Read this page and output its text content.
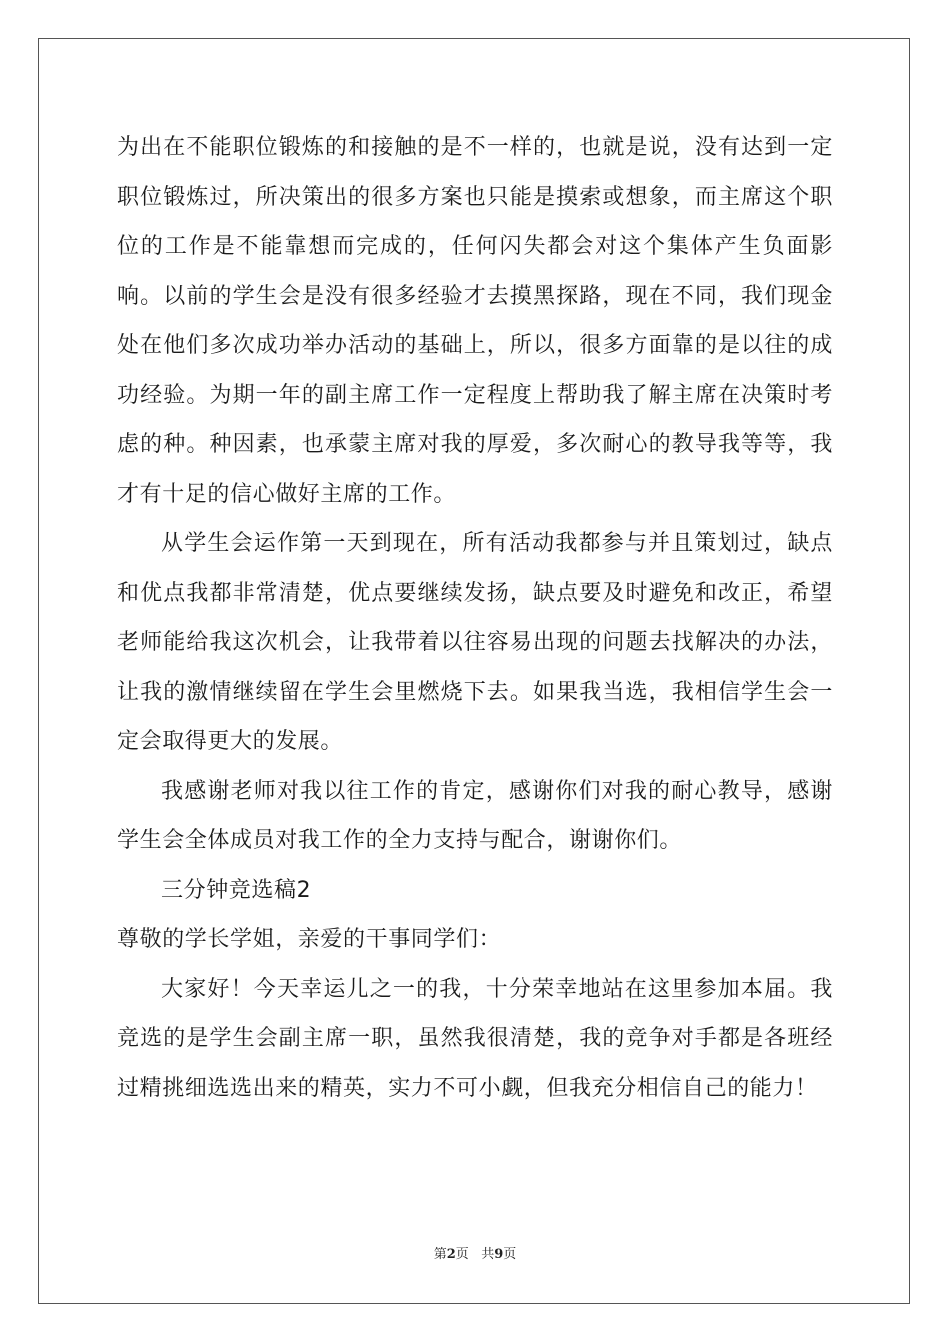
为出在不能职位锻炼的和接触的是不一样的，也就是说，没有达到一定职位锻炼过，所决策出的很多方案也只能是摸索或想象，而主席这个职位的工作是不能靠想而完成的，任何闪失都会对这个集体产生负面影响。以前的学生会是没有很多经验才去摸黑探路，现在不同，我们现金处在他们多次成功举办活动的基础上，所以，很多方面靠的是以往的成功经验。为期一年的副主席工作一定程度上帮助我了解主席在决策时考虑的种。种因素，也承蒙主席对我的厚爱，多次耐心的教导我等等，我才有十足的信心做好主席的工作。

从学生会运作第一天到现在，所有活动我都参与并且策划过，缺点和优点我都非常清楚，优点要继续发扬，缺点要及时避免和改正，希望老师能给我这次机会，让我带着以往容易出现的问题去找解决的办法，让我的激情继续留在学生会里燃烧下去。如果我当选，我相信学生会一定会取得更大的发展。

我感谢老师对我以往工作的肯定，感谢你们对我的耐心教导，感谢学生会全体成员对我工作的全力支持与配合，谢谢你们。

三分钟竞选稿2

尊敬的学长学姐，亲爱的干事同学们：

大家好！今天幸运儿之一的我，十分荣幸地站在这里参加本届。我竞选的是学生会副主席一职，虽然我很清楚，我的竞争对手都是各班经过精挑细选选出来的精英，实力不可小觑，但我充分相信自己的能力！

第2页 共9页
